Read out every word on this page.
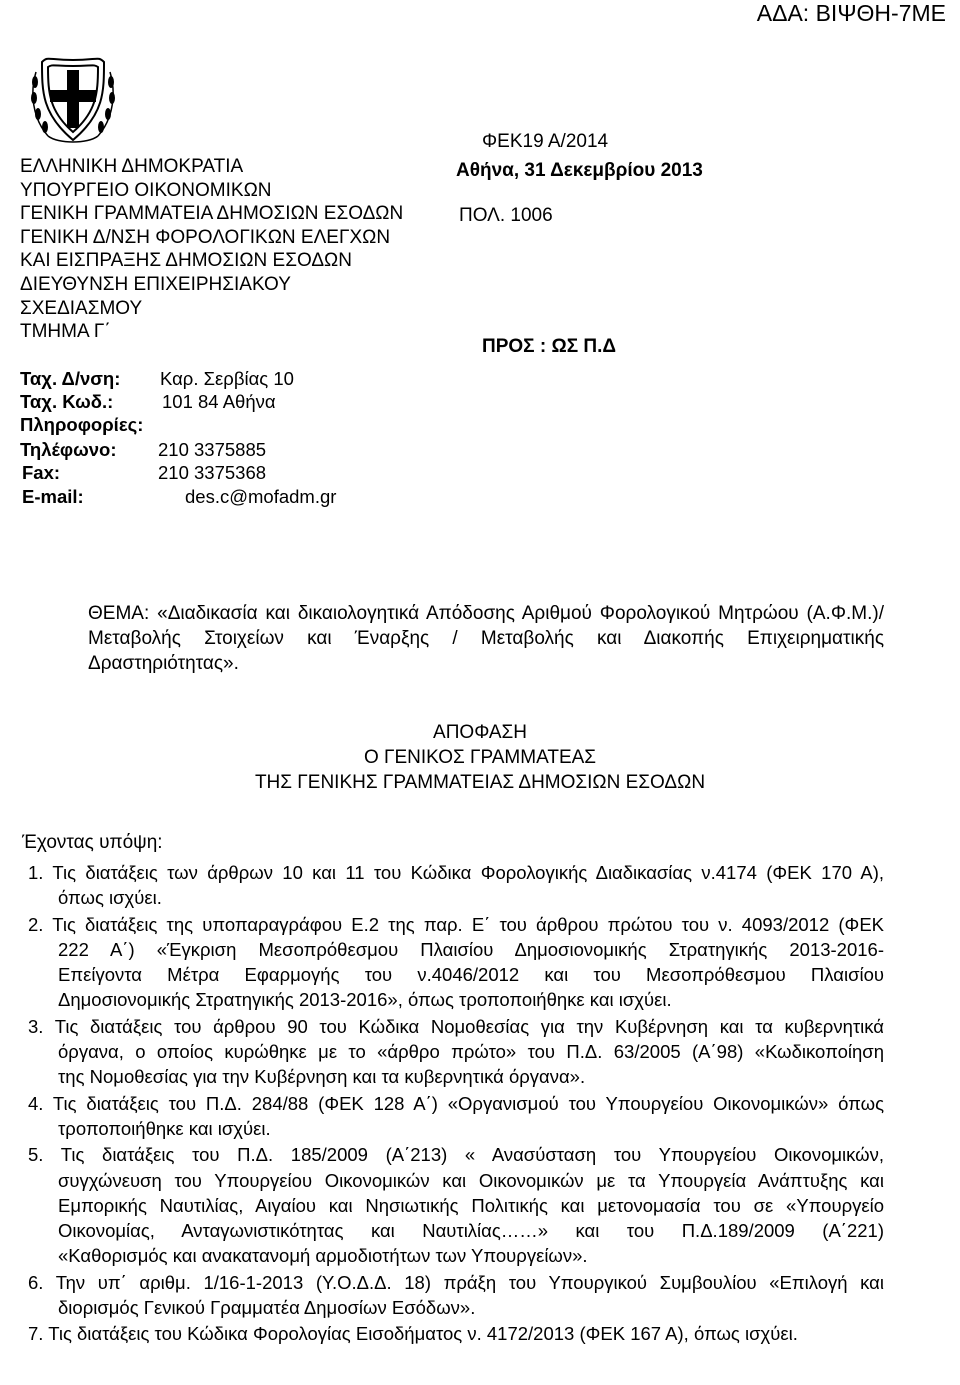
ΑΔΑ: ΒΙΨΘΗ-7ΜΕ
ΕΛΛΗΝΙΚΗ ΔΗΜΟΚΡΑΤΙΑ
ΥΠΟΥΡΓΕΙΟ ΟΙΚΟΝΟΜΙΚΩΝ
ΓΕΝΙΚΗ ΓΡΑΜΜΑΤΕΙΑ ΔΗΜΟΣΙΩΝ ΕΣΟΔΩΝ
ΓΕΝΙΚΗ Δ/ΝΣΗ ΦΟΡΟΛΟΓΙΚΩΝ ΕΛΕΓΧΩΝ
ΚΑΙ ΕΙΣΠΡΑΞΗΣ ΔΗΜΟΣΙΩΝ ΕΣΟΔΩΝ
ΔΙΕΥΘΥΝΣΗ ΕΠΙΧΕΙΡΗΣΙΑΚΟΥ
ΣΧΕΔΙΑΣΜΟΥ
ΤΜΗΜΑ Γ΄
Ταχ. Δ/νση: Καρ. Σερβίας 10
Ταχ. Κωδ.:	101 84 Αθήνα
Πληροφορίες:
Τηλέφωνο: 210 3375885
Fax:	210 3375368
E-mail:	des.c@mofadm.gr
ΦΕΚ19 Α/2014
Αθήνα, 31 Δεκεμβρίου 2013
ΠΟΛ. 1006
ΠΡΟΣ : ΩΣ Π.Δ

ΘΕΜΑ: «Διαδικασία και δικαιολογητικά Απόδοσης Αριθμού Φορολογικού Μητρώου (Α.Φ.Μ.)/

Μεταβολής Στοιχείων και Έναρξης / Μεταβολής και Διακοπής Επιχειρηματικής

Δραστηριότητας».

ΑΠΟΦΑΣΗ
Ο ΓΕΝΙΚΟΣ ΓΡΑΜΜΑΤΕΑΣ
ΤΗΣ ΓΕΝΙΚΗΣ ΓΡΑΜΜΑΤΕΙΑΣ ΔΗΜΟΣΙΩΝ ΕΣΟΔΩΝ
Έχοντας υπόψη:
1. Τις διατάξεις των άρθρων 10 και 11 του Κώδικα Φορολογικής Διαδικασίας ν.4174 (ΦΕΚ 170 Α),
όπως ισχύει.
2. Τις διατάξεις της υποπαραγράφου Ε.2 της παρ. Ε΄ του άρθρου πρώτου του ν. 4093/2012 (ΦΕΚ
222 Α΄) «Έγκριση Μεσοπρόθεσμου Πλαισίου Δημοσιονομικής Στρατηγικής 2013-2016-
Επείγοντα Μέτρα Εφαρμογής του ν.4046/2012 και του Μεσοπρόθεσμου Πλαισίου
Δημοσιονομικής Στρατηγικής 2013-2016», όπως τροποποιήθηκε και ισχύει.
3. Τις διατάξεις του άρθρου 90 του Κώδικα Νομοθεσίας για την Κυβέρνηση και τα κυβερνητικά
όργανα, ο οποίος κυρώθηκε με το «άρθρο πρώτο» του Π.Δ. 63/2005 (Α΄98) «Κωδικοποίηση
της Νομοθεσίας για την Κυβέρνηση και τα κυβερνητικά όργανα».
4. Τις διατάξεις του Π.Δ. 284/88 (ΦΕΚ 128 Α΄) «Οργανισμού του Υπουργείου Οικονομικών» όπως
τροποποιήθηκε και ισχύει.
5. Τις διατάξεις του Π.Δ. 185/2009 (Α΄213) « Ανασύσταση του Υπουργείου Οικονομικών,
συγχώνευση του Υπουργείου Οικονομικών και Οικονομικών με τα Υπουργεία Ανάπτυξης και
Εμπορικής Ναυτιλίας, Αιγαίου και Νησιωτικής Πολιτικής και μετονομασία του σε «Υπουργείο
Οικονομίας, Ανταγωνιστικότητας και Ναυτιλίας……» και του Π.Δ.189/2009 (Α΄221)
«Καθορισμός και ανακατανομή αρμοδιοτήτων των Υπουργείων».
6. Την υπ΄ αριθμ. 1/16-1-2013 (Υ.Ο.Δ.Δ. 18) πράξη του Υπουργικού Συμβουλίου «Επιλογή και
διορισμός Γενικού Γραμματέα Δημοσίων Εσόδων».
7. Τις διατάξεις του Κώδικα Φορολογίας Εισοδήματος ν. 4172/2013 (ΦΕΚ 167 Α), όπως ισχύει.
